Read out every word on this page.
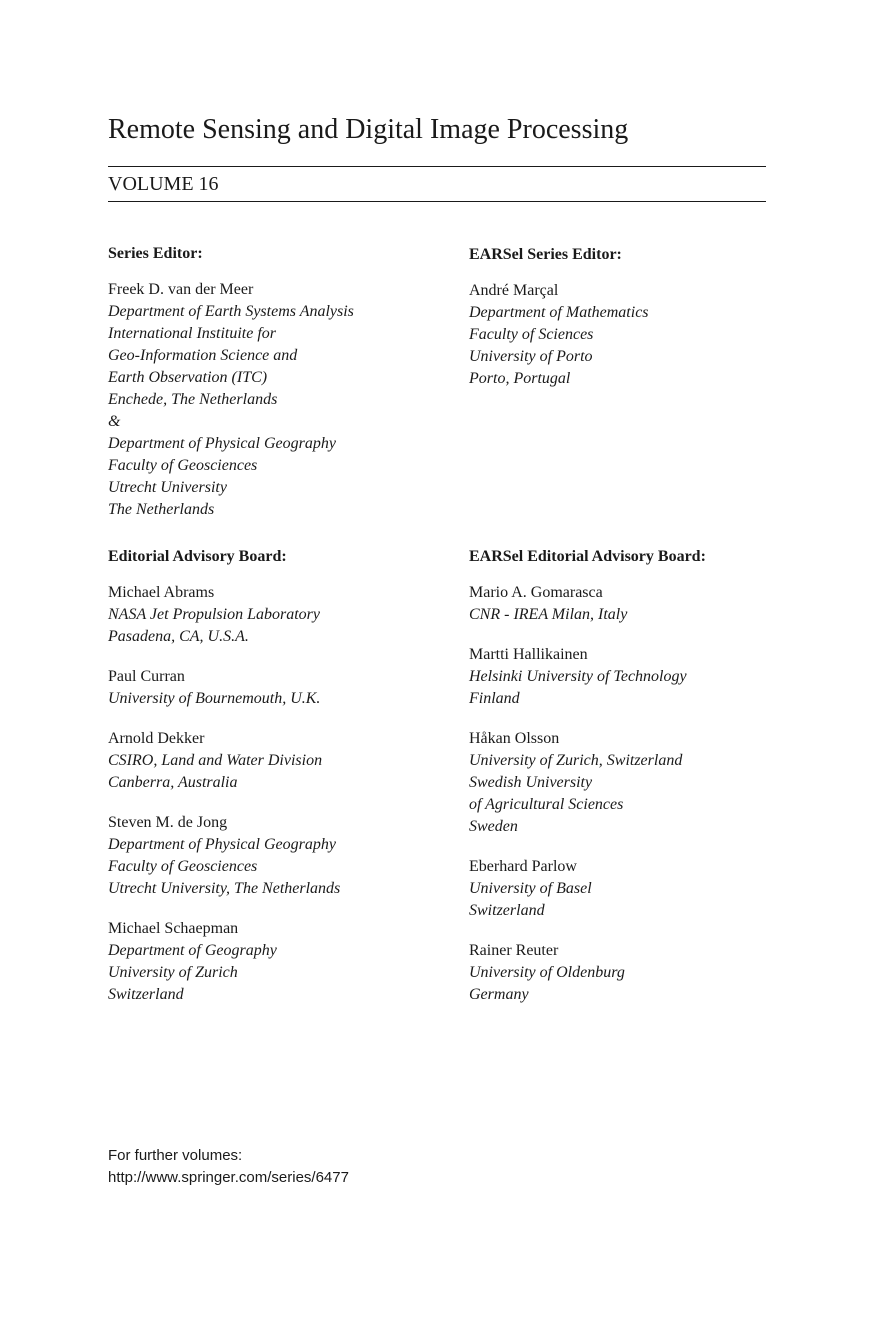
Remote Sensing and Digital Image Processing
VOLUME 16
Series Editor:
Freek D. van der Meer
Department of Earth Systems Analysis
International Instituite for
Geo-Information Science and
Earth Observation (ITC)
Enchede, The Netherlands
&
Department of Physical Geography
Faculty of Geosciences
Utrecht University
The Netherlands
EARSel Series Editor:
André Marçal
Department of Mathematics
Faculty of Sciences
University of Porto
Porto, Portugal
Editorial Advisory Board:
Michael Abrams
NASA Jet Propulsion Laboratory
Pasadena, CA, U.S.A.
Paul Curran
University of Bournemouth, U.K.
Arnold Dekker
CSIRO, Land and Water Division
Canberra, Australia
Steven M. de Jong
Department of Physical Geography
Faculty of Geosciences
Utrecht University, The Netherlands
Michael Schaepman
Department of Geography
University of Zurich
Switzerland
EARSel Editorial Advisory Board:
Mario A. Gomarasca
CNR - IREA Milan, Italy
Martti Hallikainen
Helsinki University of Technology
Finland
Håkan Olsson
University of Zurich, Switzerland
Swedish University
of Agricultural Sciences
Sweden
Eberhard Parlow
University of Basel
Switzerland
Rainer Reuter
University of Oldenburg
Germany
For further volumes:
http://www.springer.com/series/6477
